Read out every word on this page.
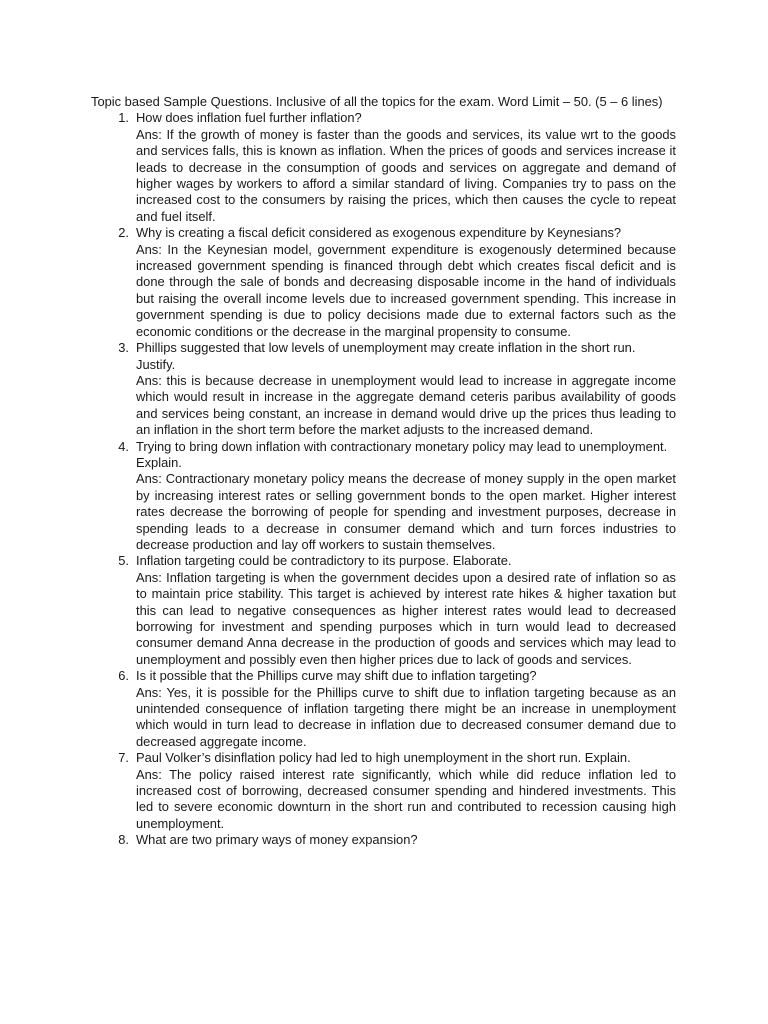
Topic based Sample Questions. Inclusive of all the topics for the exam. Word Limit – 50. (5 – 6 lines)

1. How does inflation fuel further inflation?

Ans: If the growth of money is faster than the goods and services, its value wrt to the goods and services falls, this is known as inflation. When the prices of goods and services increase it leads to decrease in the consumption of goods and services on aggregate and demand of higher wages by workers to afford a similar standard of living. Companies try to pass on the increased cost to the consumers by raising the prices, which then causes the cycle to repeat and fuel itself.

2. Why is creating a fiscal deficit considered as exogenous expenditure by Keynesians?

Ans: In the Keynesian model, government expenditure is exogenously determined because increased government spending is financed through debt which creates fiscal deficit and is done through the sale of bonds and decreasing disposable income in the hand of individuals but raising the overall income levels due to increased government spending. This increase in government spending is due to policy decisions made due to external factors such as the economic conditions or the decrease in the marginal propensity to consume.

3. Phillips suggested that low levels of unemployment may create inflation in the short run. Justify.

Ans: this is because decrease in unemployment would lead to increase in aggregate income which would result in increase in the aggregate demand ceteris paribus availability of goods and services being constant, an increase in demand would drive up the prices thus leading to an inflation in the short term before the market adjusts to the increased demand.

4. Trying to bring down inflation with contractionary monetary policy may lead to unemployment. Explain.

Ans: Contractionary monetary policy means the decrease of money supply in the open market by increasing interest rates or selling government bonds to the open market. Higher interest rates decrease the borrowing of people for spending and investment purposes, decrease in spending leads to a decrease in consumer demand which and turn forces industries to decrease production and lay off workers to sustain themselves.

5. Inflation targeting could be contradictory to its purpose. Elaborate.

Ans: Inflation targeting is when the government decides upon a desired rate of inflation so as to maintain price stability. This target is achieved by interest rate hikes & higher taxation but this can lead to negative consequences as higher interest rates would lead to decreased borrowing for investment and spending purposes which in turn would lead to decreased consumer demand Anna decrease in the production of goods and services which may lead to unemployment and possibly even then higher prices due to lack of goods and services.

6. Is it possible that the Phillips curve may shift due to inflation targeting?

Ans: Yes, it is possible for the Phillips curve to shift due to inflation targeting because as an unintended consequence of inflation targeting there might be an increase in unemployment which would in turn lead to decrease in inflation due to decreased consumer demand due to decreased aggregate income.

7. Paul Volker’s disinflation policy had led to high unemployment in the short run. Explain.

Ans: The policy raised interest rate significantly, which while did reduce inflation led to increased cost of borrowing, decreased consumer spending and hindered investments. This led to severe economic downturn in the short run and contributed to recession causing high unemployment.

8. What are two primary ways of money expansion?
